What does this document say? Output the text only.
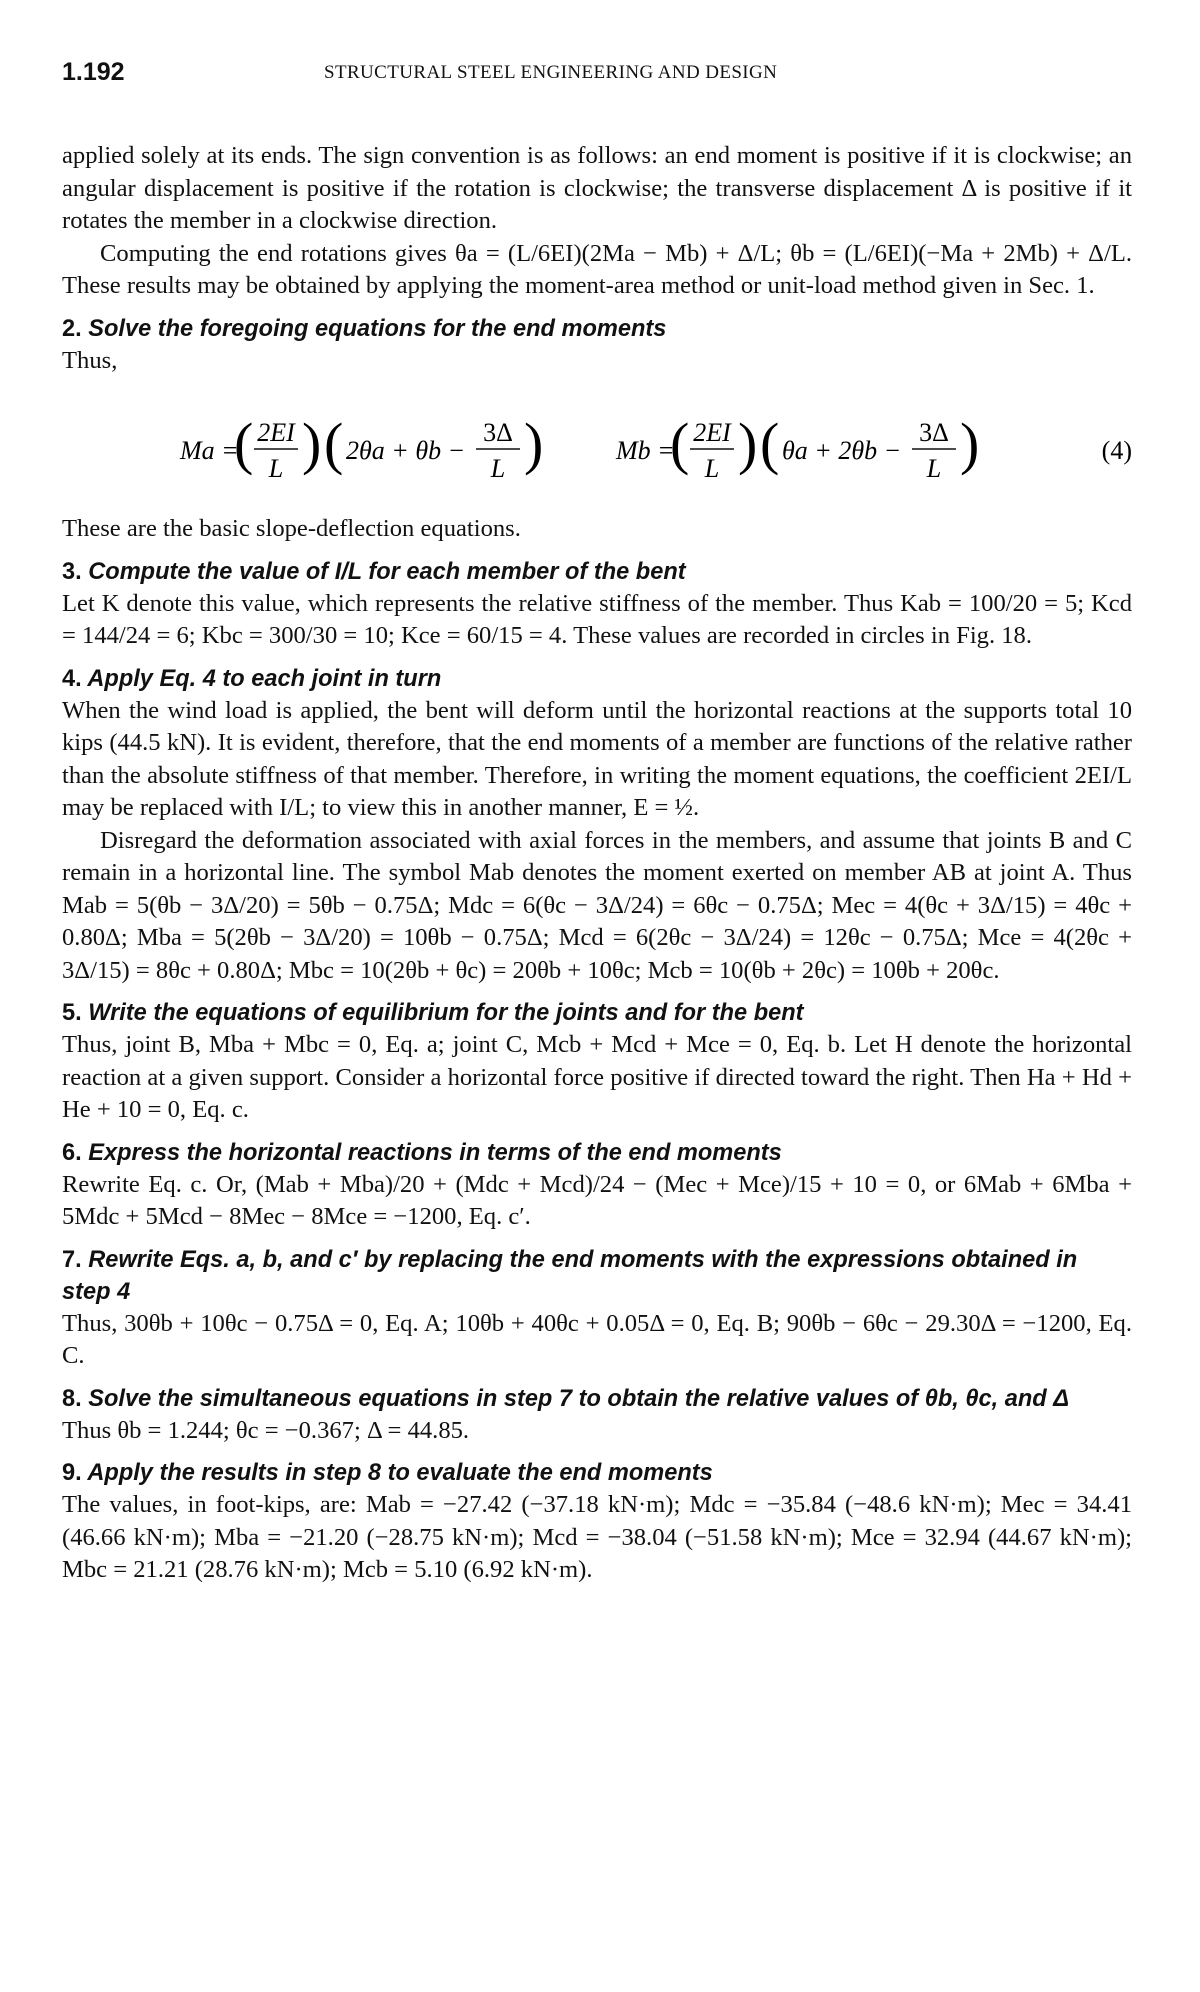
1.192	STRUCTURAL STEEL ENGINEERING AND DESIGN

applied solely at its ends. The sign convention is as follows: an end moment is positive if it is clockwise; an angular displacement is positive if the rotation is clockwise; the transverse displacement Δ is positive if it rotates the member in a clockwise direction.

Computing the end rotations gives θa = (L/6EI)(2Ma − Mb) + Δ/L; θb = (L/6EI)(−Ma + 2Mb) + Δ/L. These results may be obtained by applying the moment-area method or unit-load method given in Sec. 1.

2. Solve the foregoing equations for the end moments

Thus,

Ma =
( 2EI
L ) ( 2θa + θb −
3Δ
L )	Mb =
( 2EI
L ) ( θa + 2θb −
3Δ
L )	(4)

These are the basic slope-deflection equations.

3. Compute the value of I/L for each member of the bent

Let K denote this value, which represents the relative stiffness of the member. Thus Kab = 100/20 = 5; Kcd = 144/24 = 6; Kbc = 300/30 = 10; Kce = 60/15 = 4. These values are recorded in circles in Fig. 18.

4. Apply Eq. 4 to each joint in turn

When the wind load is applied, the bent will deform until the horizontal reactions at the supports total 10 kips (44.5 kN). It is evident, therefore, that the end moments of a member are functions of the relative rather than the absolute stiffness of that member. Therefore, in writing the moment equations, the coefficient 2EI/L may be replaced with I/L; to view this in another manner, E = ½.

Disregard the deformation associated with axial forces in the members, and assume that joints B and C remain in a horizontal line. The symbol Mab denotes the moment exerted on member AB at joint A. Thus Mab = 5(θb − 3Δ/20) = 5θb − 0.75Δ; Mdc = 6(θc − 3Δ/24) = 6θc − 0.75Δ; Mec = 4(θc + 3Δ/15) = 4θc + 0.80Δ; Mba = 5(2θb − 3Δ/20) = 10θb − 0.75Δ; Mcd = 6(2θc − 3Δ/24) = 12θc − 0.75Δ; Mce = 4(2θc + 3Δ/15) = 8θc + 0.80Δ; Mbc = 10(2θb + θc) = 20θb + 10θc; Mcb = 10(θb + 2θc) = 10θb + 20θc.

5. Write the equations of equilibrium for the joints and for the bent

Thus, joint B, Mba + Mbc = 0, Eq. a; joint C, Mcb + Mcd + Mce = 0, Eq. b. Let H denote the horizontal reaction at a given support. Consider a horizontal force positive if directed toward the right. Then Ha + Hd + He + 10 = 0, Eq. c.

6. Express the horizontal reactions in terms of the end moments

Rewrite Eq. c. Or, (Mab + Mba)/20 + (Mdc + Mcd)/24 − (Mec + Mce)/15 + 10 = 0, or 6Mab + 6Mba + 5Mdc + 5Mcd − 8Mec − 8Mce = −1200, Eq. c′.

7. Rewrite Eqs. a, b, and c′ by replacing the end moments with the expressions obtained in step 4

Thus, 30θb + 10θc − 0.75Δ = 0, Eq. A; 10θb + 40θc + 0.05Δ = 0, Eq. B; 90θb − 6θc − 29.30Δ = −1200, Eq. C.

8. Solve the simultaneous equations in step 7 to obtain the relative values of θb, θc, and Δ

Thus θb = 1.244; θc = −0.367; Δ = 44.85.

9. Apply the results in step 8 to evaluate the end moments

The values, in foot-kips, are: Mab = −27.42 (−37.18 kN·m); Mdc = −35.84 (−48.6 kN·m); Mec = 34.41 (46.66 kN·m); Mba = −21.20 (−28.75 kN·m); Mcd = −38.04 (−51.58 kN·m); Mce = 32.94 (44.67 kN·m); Mbc = 21.21 (28.76 kN·m); Mcb = 5.10 (6.92 kN·m).
